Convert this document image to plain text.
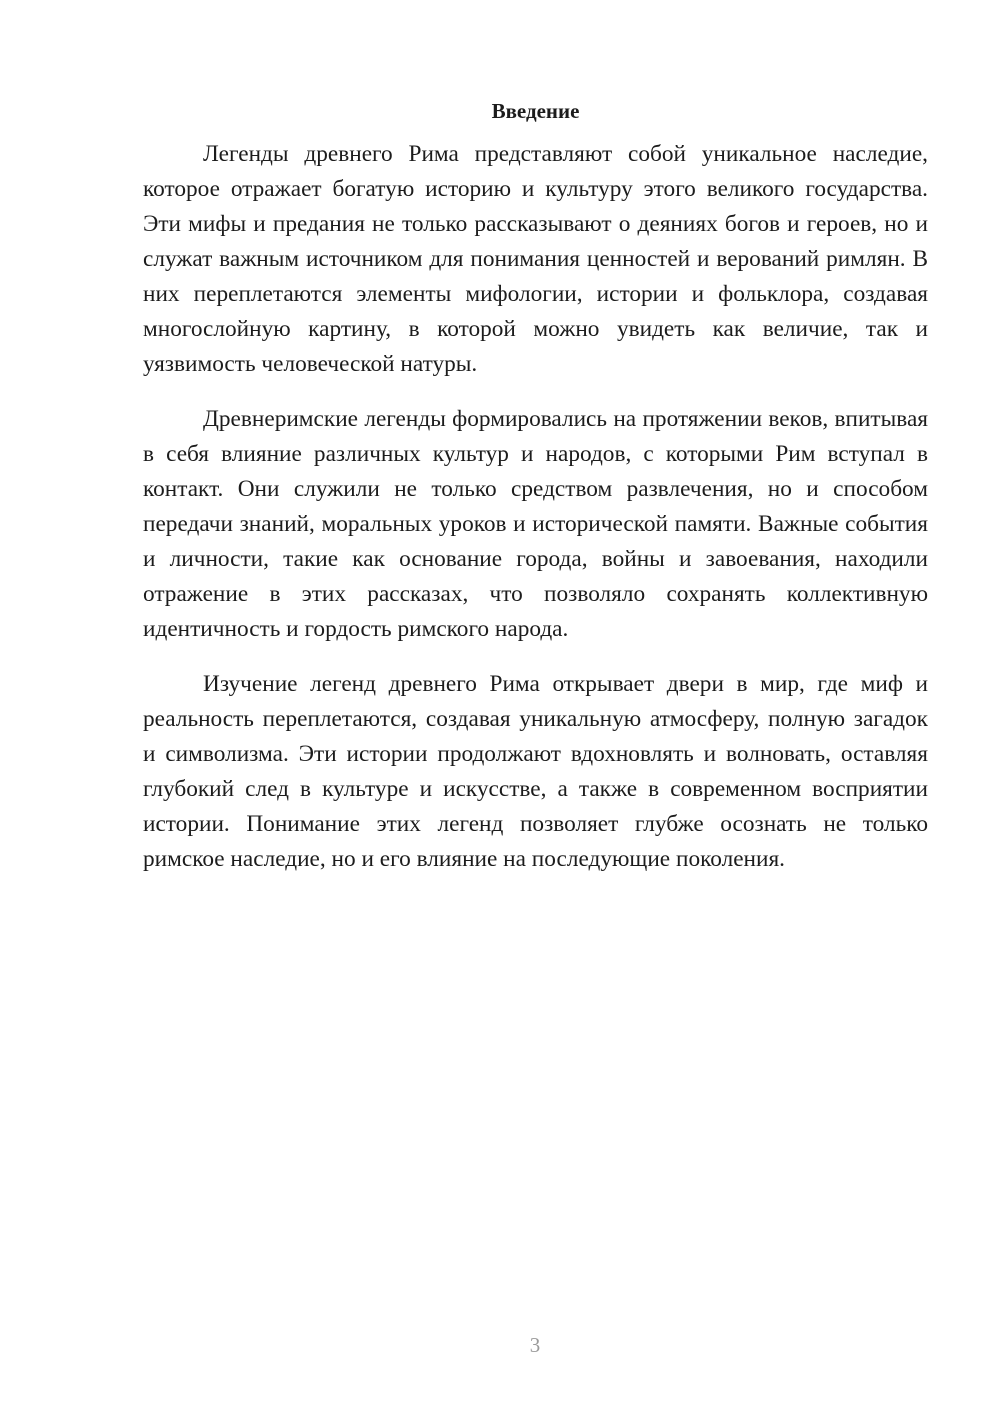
Введение

Легенды древнего Рима представляют собой уникальное наследие, которое отражает богатую историю и культуру этого великого государства. Эти мифы и предания не только рассказывают о деяниях богов и героев, но и служат важным источником для понимания ценностей и верований римлян. В них переплетаются элементы мифологии, истории и фольклора, создавая многослойную картину, в которой можно увидеть как величие, так и уязвимость человеческой натуры.

Древнеримские легенды формировались на протяжении веков, впитывая в себя влияние различных культур и народов, с которыми Рим вступал в контакт. Они служили не только средством развлечения, но и способом передачи знаний, моральных уроков и исторической памяти. Важные события и личности, такие как основание города, войны и завоевания, находили отражение в этих рассказах, что позволяло сохранять коллективную идентичность и гордость римского народа.

Изучение легенд древнего Рима открывает двери в мир, где миф и реальность переплетаются, создавая уникальную атмосферу, полную загадок и символизма. Эти истории продолжают вдохновлять и волновать, оставляя глубокий след в культуре и искусстве, а также в современном восприятии истории. Понимание этих легенд позволяет глубже осознать не только римское наследие, но и его влияние на последующие поколения.

3
